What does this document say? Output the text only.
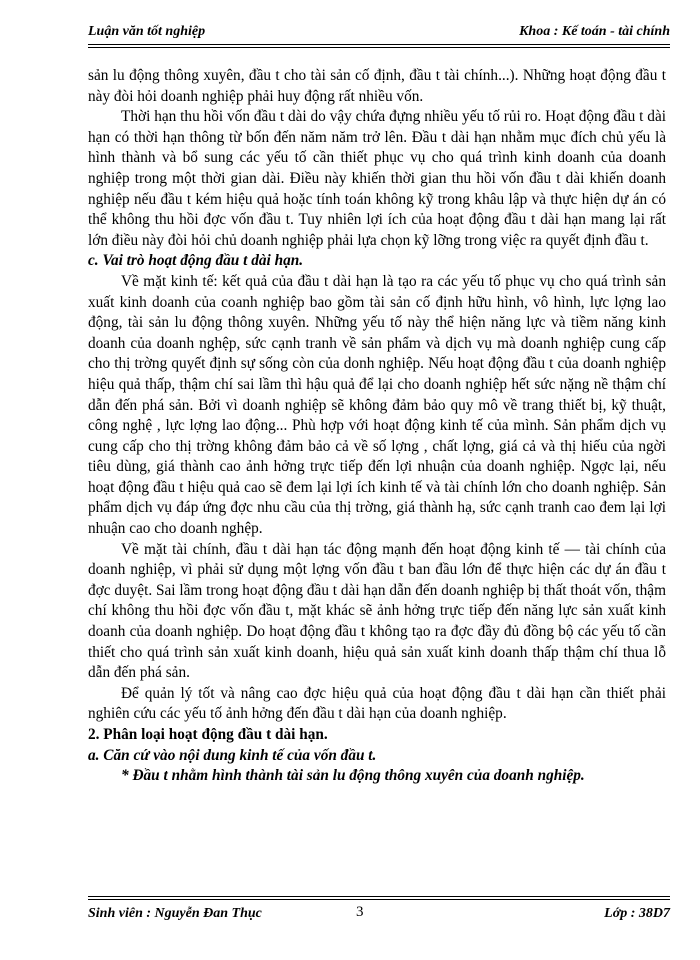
Luận văn tốt nghiệp	Khoa : Kế toán - tài chính

sản lu động thông xuyên, đầu t cho tài sản cố định, đầu t tài chính...). Những hoạt động đầu t này đòi hỏi doanh nghiệp phải huy động rất nhiều vốn.

Thời hạn thu hồi vốn đầu t dài do vậy chứa đựng nhiều yếu tố rủi ro. Hoạt động đầu t dài hạn có thời hạn thông từ bốn đến năm năm trở lên. Đầu t dài hạn nhằm mục đích chủ yếu là hình thành và bổ sung các yếu tố cần thiết phục vụ cho quá trình kinh doanh của doanh nghiệp trong một thời gian dài. Điều này khiến thời gian thu hồi vốn đầu t dài khiến doanh nghiệp nếu đầu t kém hiệu quả hoặc tính toán không kỹ trong khâu lập và thực hiện dự án có thể không thu hồi đợc vốn đầu t. Tuy nhiên lợi ích của hoạt động đầu t dài hạn mang lại rất lớn điều này đòi hỏi chủ doanh nghiệp phải lựa chọn kỹ lỡng trong việc ra quyết định đầu t.

c. Vai trò hoạt động đầu t dài hạn.

Về mặt kinh tế: kết quả của đầu t dài hạn là tạo ra các yếu tố phục vụ cho quá trình sản xuất kinh doanh của coanh nghiệp bao gồm tài sản cố định hữu hình, vô hình, lực lợng lao động, tài sản lu động thông xuyên. Những yếu tố này thể hiện năng lực và tiềm năng kinh doanh của doanh nghệp, sức cạnh tranh về sản phẩm và dịch vụ mà doanh nghiệp cung cấp cho thị trờng quyết định sự sống còn của donh nghiệp. Nếu hoạt động đầu t của doanh nghiệp hiệu quả thấp, thậm chí sai lầm thì hậu quả để lại cho doanh nghiệp hết sức nặng nề thậm chí dẫn đến phá sản. Bởi vì doanh nghiệp sẽ không đảm bảo quy mô về trang thiết bị, kỹ thuật, công nghệ , lực lợng lao động... Phù hợp với hoạt động kinh tế của mình. Sản phẩm dịch vụ cung cấp cho thị trờng không đảm bảo cả về số lợng , chất lợng, giá cả và thị hiếu của ngời tiêu dùng, giá thành cao ảnh hởng trực tiếp đến lợi nhuận của doanh nghiệp. Ngợc lại, nếu hoạt động đầu t hiệu quả cao sẽ đem lại lợi ích kinh tế và tài chính lớn cho doanh nghiệp. Sản phẩm dịch vụ đáp ứng đợc nhu cầu của thị trờng, giá thành hạ, sức cạnh tranh cao đem lại lợi nhuận cao cho doanh nghệp.

Về mặt tài chính, đầu t dài hạn tác động mạnh đến hoạt động kinh tế — tài chính của doanh nghiệp, vì phải sử dụng một lợng vốn đầu t ban đầu lớn để thực hiện các dự án đầu t đợc duyệt. Sai lầm trong hoạt động đầu t dài hạn dẫn đến doanh nghiệp bị thất thoát vốn, thậm chí không thu hồi đợc vốn đầu t, mặt khác sẽ ảnh hởng trực tiếp đến năng lực sản xuất kinh doanh của doanh nghiệp. Do hoạt động đầu t không tạo ra đợc đầy đủ đồng bộ các yếu tố cần thiết cho quá trình sản xuất kinh doanh, hiệu quả sản xuất kinh doanh thấp thậm chí thua lỗ dẫn đến phá sản.

Để quản lý tốt và nâng cao đợc hiệu quả của hoạt động đầu t dài hạn cần thiết phải nghiên cứu các yếu tố ảnh hởng đến đầu t dài hạn của doanh nghiệp.

2. Phân loại hoạt động đầu t dài hạn.

a. Căn cứ vào nội dung kinh tế của vốn đầu t.

* Đầu t nhằm hình thành tài sản lu động thông xuyên của doanh nghiệp.

Sinh viên : Nguyễn Đan Thục	3	Lớp : 38D7
